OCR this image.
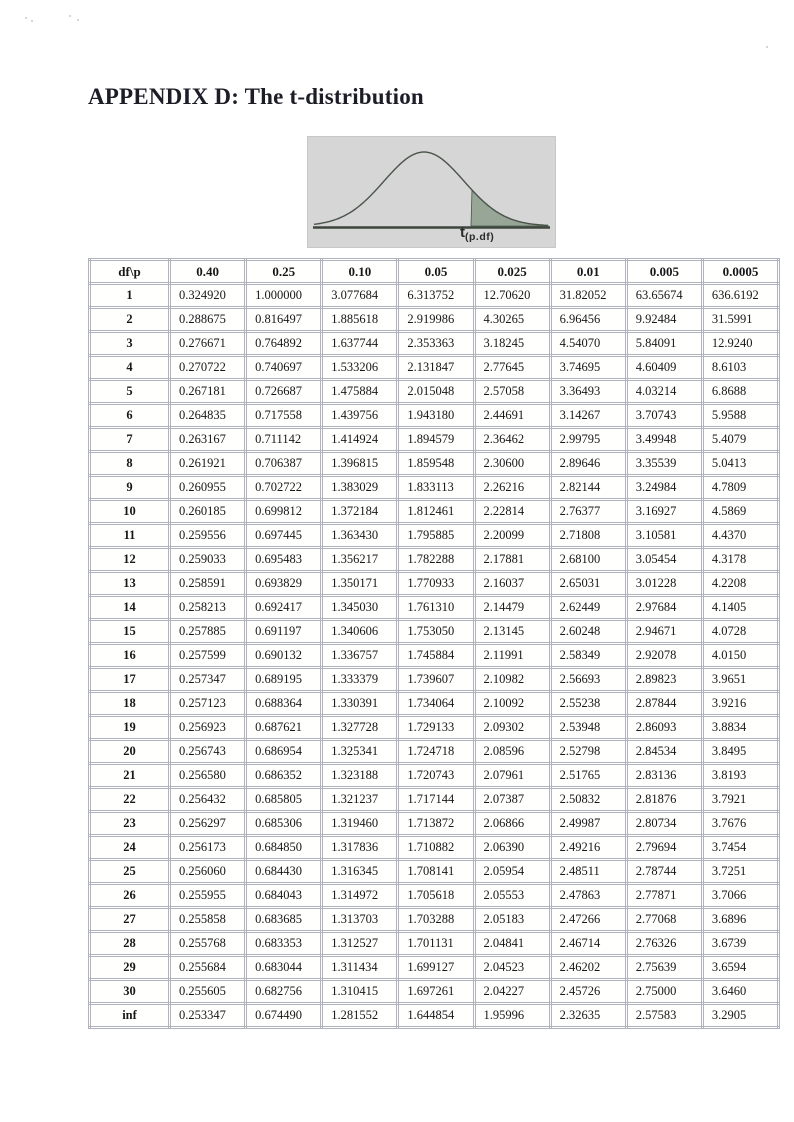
APPENDIX D: The t-distribution
$t_{(p.df)}$
df\p	0.40	0.25	0.10	0.05	0.025	0.01	0.005	0.0005
1	0.324920	1.000000	3.077684	6.313752	12.70620	31.82052	63.65674	636.6192
2	0.288675	0.816497	1.885618	2.919986	4.30265	6.96456	9.92484	31.5991
3	0.276671	0.764892	1.637744	2.353363	3.18245	4.54070	5.84091	12.9240
4	0.270722	0.740697	1.533206	2.131847	2.77645	3.74695	4.60409	8.6103
5	0.267181	0.726687	1.475884	2.015048	2.57058	3.36493	4.03214	6.8688
6	0.264835	0.717558	1.439756	1.943180	2.44691	3.14267	3.70743	5.9588
7	0.263167	0.711142	1.414924	1.894579	2.36462	2.99795	3.49948	5.4079
8	0.261921	0.706387	1.396815	1.859548	2.30600	2.89646	3.35539	5.0413
9	0.260955	0.702722	1.383029	1.833113	2.26216	2.82144	3.24984	4.7809
10	0.260185	0.699812	1.372184	1.812461	2.22814	2.76377	3.16927	4.5869
11	0.259556	0.697445	1.363430	1.795885	2.20099	2.71808	3.10581	4.4370
12	0.259033	0.695483	1.356217	1.782288	2.17881	2.68100	3.05454	4.3178
13	0.258591	0.693829	1.350171	1.770933	2.16037	2.65031	3.01228	4.2208
14	0.258213	0.692417	1.345030	1.761310	2.14479	2.62449	2.97684	4.1405
15	0.257885	0.691197	1.340606	1.753050	2.13145	2.60248	2.94671	4.0728
16	0.257599	0.690132	1.336757	1.745884	2.11991	2.58349	2.92078	4.0150
17	0.257347	0.689195	1.333379	1.739607	2.10982	2.56693	2.89823	3.9651
18	0.257123	0.688364	1.330391	1.734064	2.10092	2.55238	2.87844	3.9216
19	0.256923	0.687621	1.327728	1.729133	2.09302	2.53948	2.86093	3.8834
20	0.256743	0.686954	1.325341	1.724718	2.08596	2.52798	2.84534	3.8495
21	0.256580	0.686352	1.323188	1.720743	2.07961	2.51765	2.83136	3.8193
22	0.256432	0.685805	1.321237	1.717144	2.07387	2.50832	2.81876	3.7921
23	0.256297	0.685306	1.319460	1.713872	2.06866	2.49987	2.80734	3.7676
24	0.256173	0.684850	1.317836	1.710882	2.06390	2.49216	2.79694	3.7454
25	0.256060	0.684430	1.316345	1.708141	2.05954	2.48511	2.78744	3.7251
26	0.255955	0.684043	1.314972	1.705618	2.05553	2.47863	2.77871	3.7066
27	0.255858	0.683685	1.313703	1.703288	2.05183	2.47266	2.77068	3.6896
28	0.255768	0.683353	1.312527	1.701131	2.04841	2.46714	2.76326	3.6739
29	0.255684	0.683044	1.311434	1.699127	2.04523	2.46202	2.75639	3.6594
30	0.255605	0.682756	1.310415	1.697261	2.04227	2.45726	2.75000	3.6460
inf	0.253347	0.674490	1.281552	1.644854	1.95996	2.32635	2.57583	3.2905
